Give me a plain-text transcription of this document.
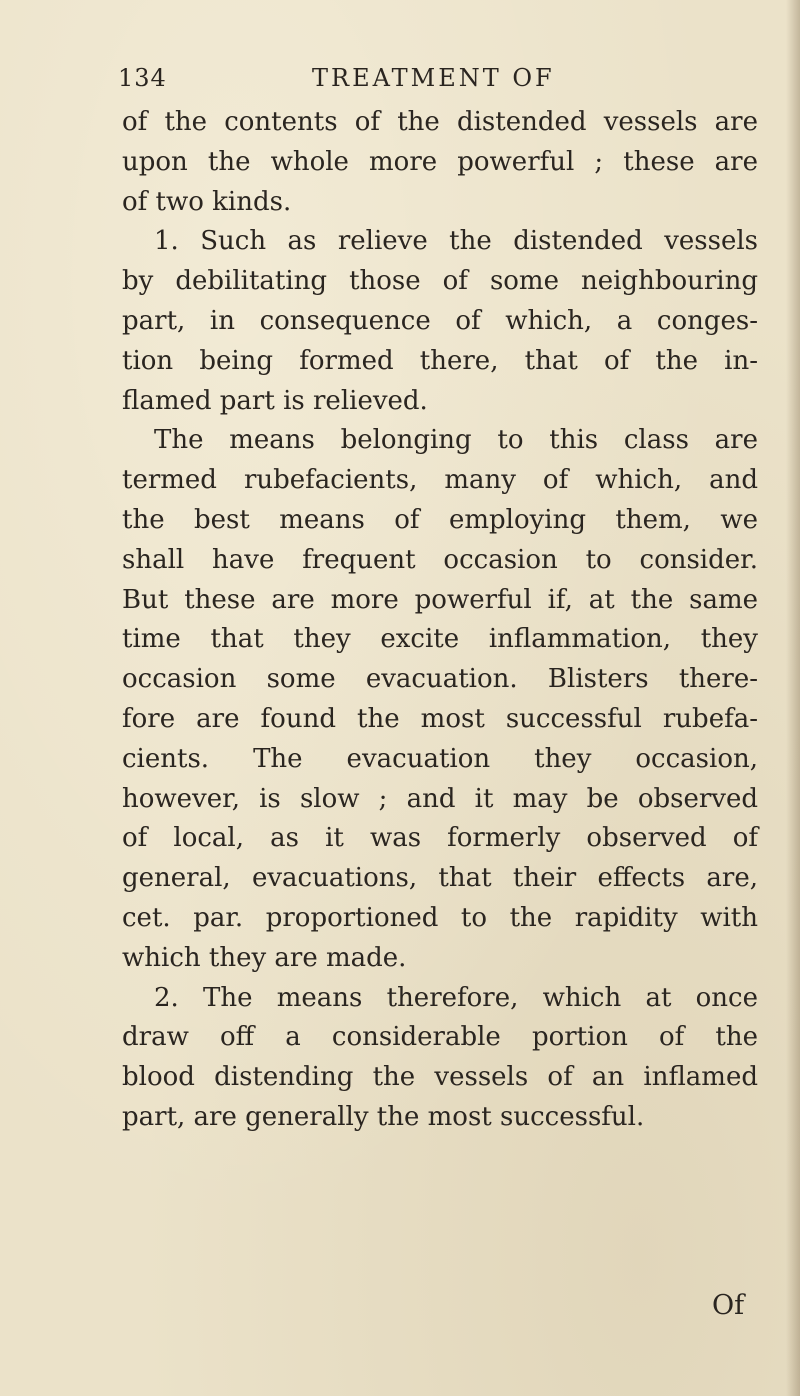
134	TREATMENT OF
of the contents of the distended vessels are
upon the whole more powerful ; these are
of two kinds.
1. Such as relieve the distended vessels
by debilitating those of some neighbouring
part, in consequence of which, a conges-
tion being formed there, that of the in-
flamed part is relieved.
The means belonging to this class are
termed rubefacients, many of which, and
the best means of employing them, we
shall have frequent occasion to consider.
But these are more powerful if, at the same
time that they excite inflammation, they
occasion some evacuation. Blisters there-
fore are found the most successful rubefa-
cients. The evacuation they occasion,
however, is slow ; and it may be observed
of local, as it was formerly observed of
general, evacuations, that their effects are,
cet. par. proportioned to the rapidity with
which they are made.
2. The means therefore, which at once
draw off a considerable portion of the
blood distending the vessels of an inflamed
part, are generally the most successful.
Of
